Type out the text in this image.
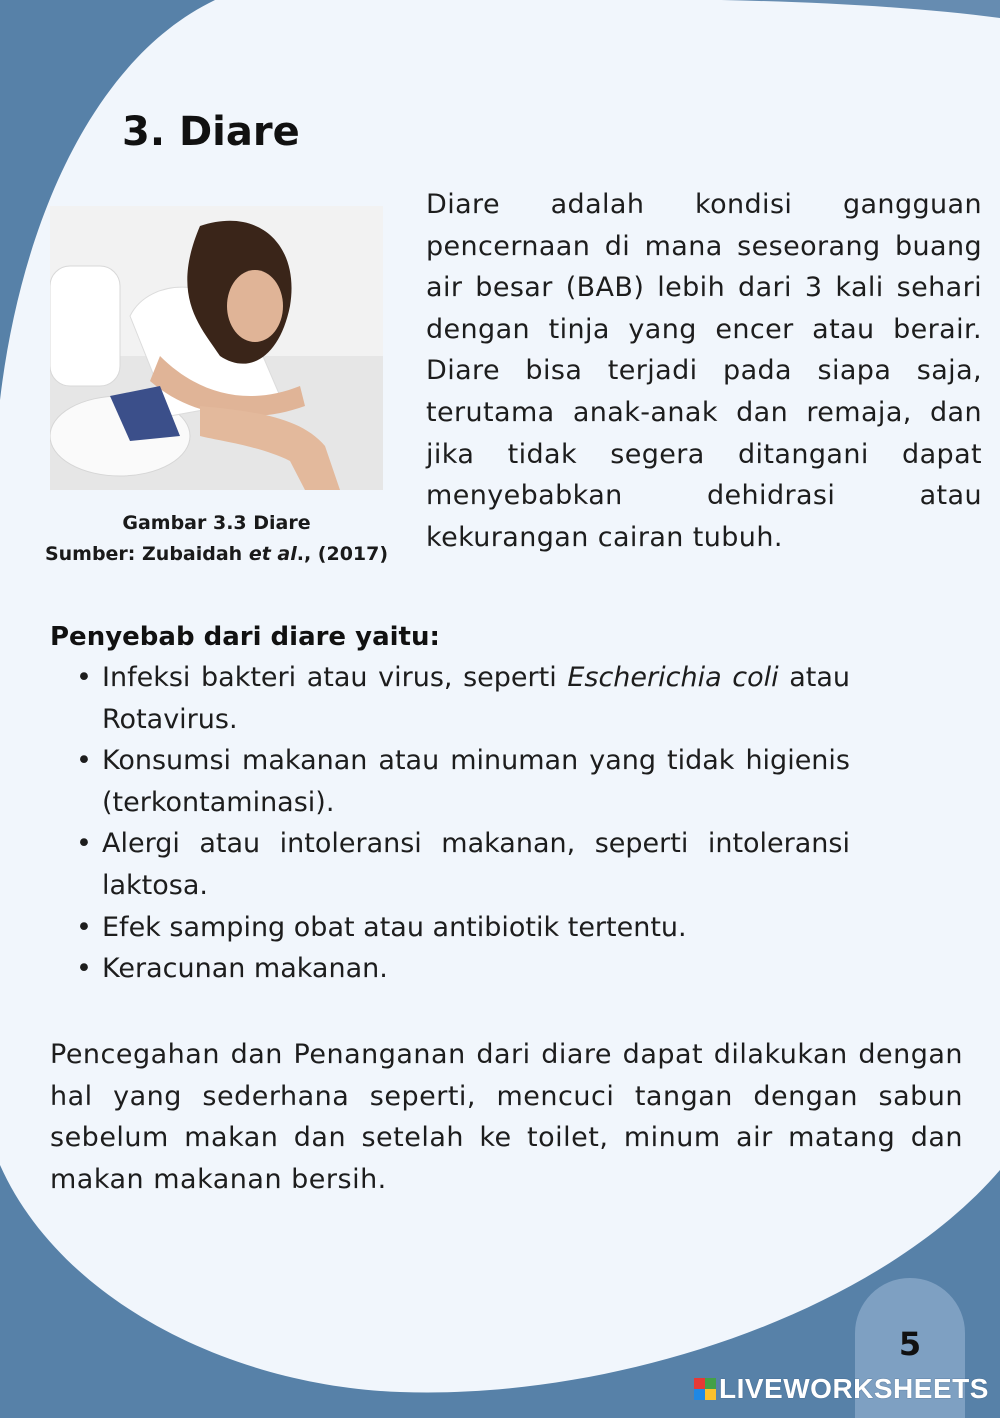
3. Diare
Gambar 3.3 Diare
Sumber: Zubaidah et al., (2017)

Diare adalah kondisi gangguan pencernaan di mana seseorang buang air besar (BAB) lebih dari 3 kali sehari dengan tinja yang encer atau berair. Diare bisa terjadi pada siapa saja, terutama anak-anak dan remaja, dan jika tidak segera ditangani dapat menyebabkan dehidrasi atau kekurangan cairan tubuh.

Penyebab dari diare yaitu:
• Infeksi bakteri atau virus, seperti Escherichia coli atau Rotavirus.
• Konsumsi makanan atau minuman yang tidak higienis (terkontaminasi).
• Alergi atau intoleransi makanan, seperti intoleransi laktosa.
• Efek samping obat atau antibiotik tertentu.
• Keracunan makanan.

Pencegahan dan Penanganan dari diare dapat dilakukan dengan hal yang sederhana seperti, mencuci tangan dengan sabun sebelum makan dan setelah ke toilet, minum air matang dan makan makanan bersih.

5
LIVEWORKSHEETS
